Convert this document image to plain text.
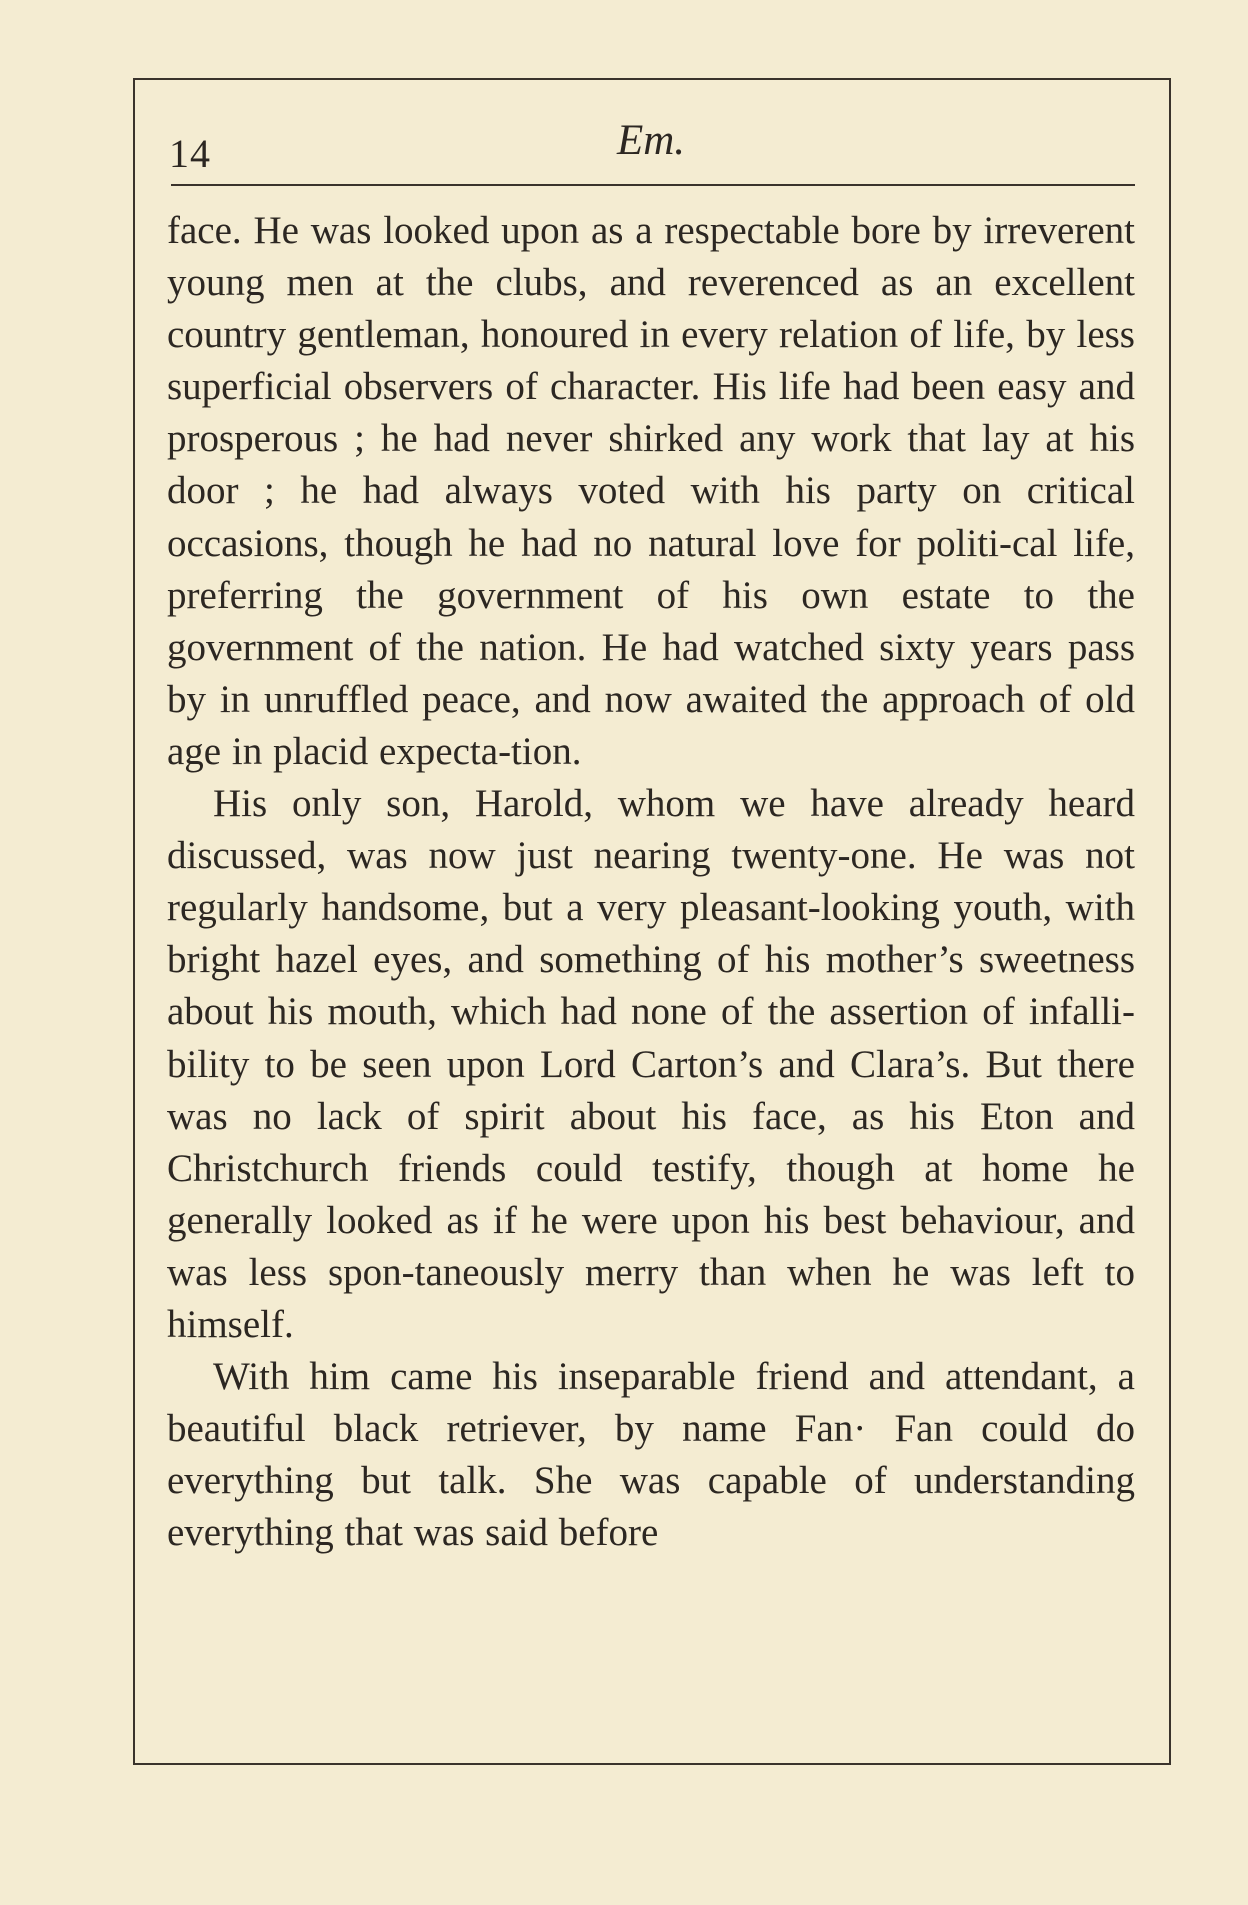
14	Em.

face. He was looked upon as a respectable bore by irreverent young men at the clubs, and reverenced as an excellent country gentleman, honoured in every relation of life, by less superficial observers of character. His life had been easy and prosperous ; he had never shirked any work that lay at his door ; he had always voted with his party on critical occasions, though he had no natural love for politi-cal life, preferring the government of his own estate to the government of the nation. He had watched sixty years pass by in unruffled peace, and now awaited the approach of old age in placid expecta-tion.

His only son, Harold, whom we have already heard discussed, was now just nearing twenty-one. He was not regularly handsome, but a very pleasant-looking youth, with bright hazel eyes, and something of his mother’s sweetness about his mouth, which had none of the assertion of infalli-bility to be seen upon Lord Carton’s and Clara’s. But there was no lack of spirit about his face, as his Eton and Christchurch friends could testify, though at home he generally looked as if he were upon his best behaviour, and was less spon-taneously merry than when he was left to himself.

With him came his inseparable friend and attendant, a beautiful black retriever, by name Fan· Fan could do everything but talk. She was capable of understanding everything that was said before
